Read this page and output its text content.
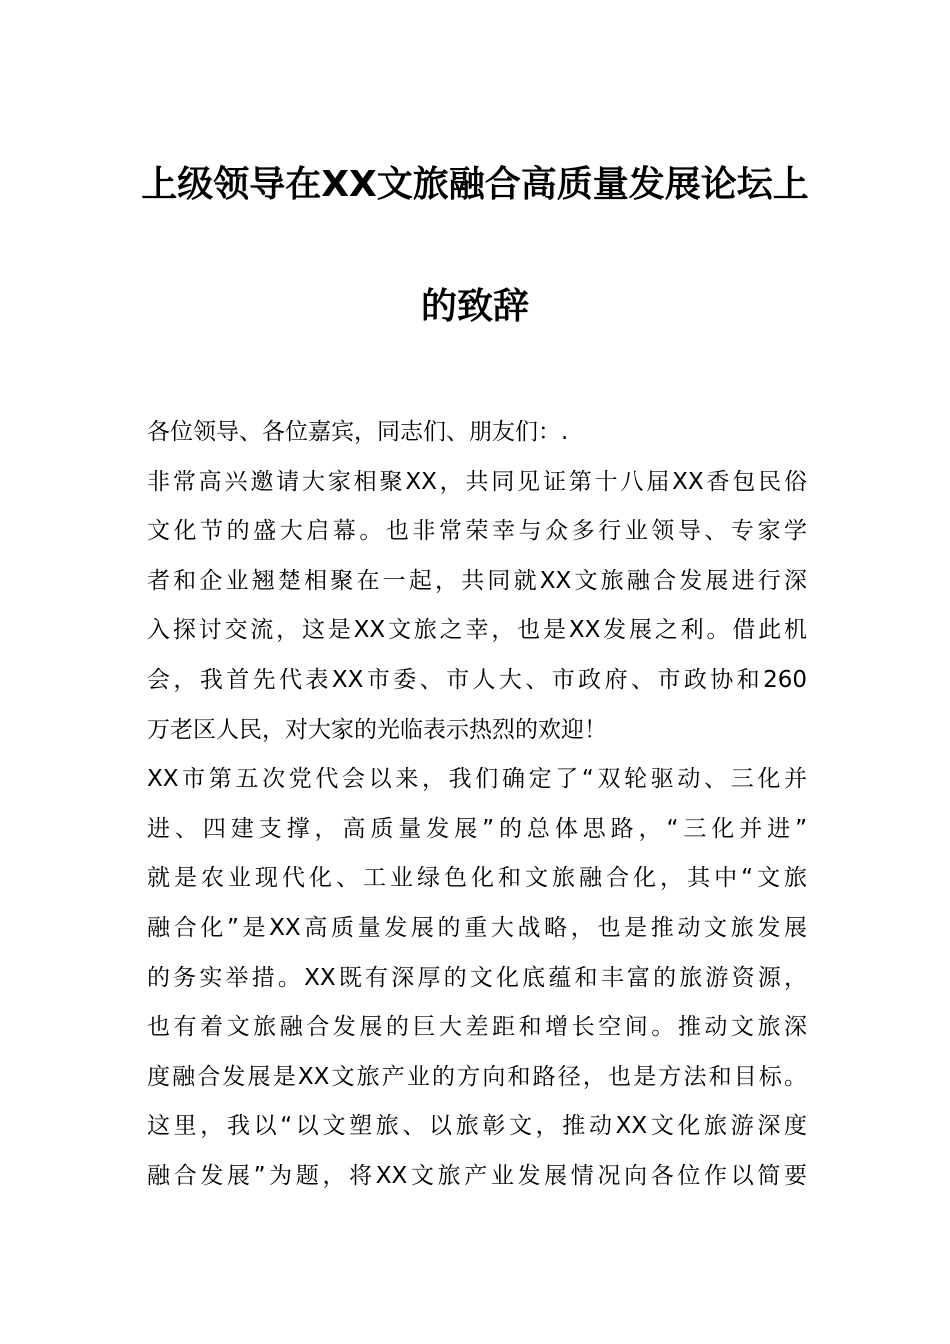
上级领导在XX文旅融合高质量发展论坛上
的致辞
各位领导、各位嘉宾，同志们、朋友们：.
非常高兴邀请大家相聚XX，共同见证第十八届XX香包民俗
文化节的盛大启幕。也非常荣幸与众多行业领导、专家学
者和企业翘楚相聚在一起，共同就XX文旅融合发展进行深
入探讨交流，这是XX文旅之幸，也是XX发展之利。借此机
会，我首先代表XX市委、市人大、市政府、市政协和260
万老区人民，对大家的光临表示热烈的欢迎！
XX市第五次党代会以来，我们确定了“双轮驱动、三化并
进、四建支撑，高质量发展”的总体思路，“三化并进”
就是农业现代化、工业绿色化和文旅融合化，其中“文旅
融合化”是XX高质量发展的重大战略，也是推动文旅发展
的务实举措。XX既有深厚的文化底蕴和丰富的旅游资源，
也有着文旅融合发展的巨大差距和增长空间。推动文旅深
度融合发展是XX文旅产业的方向和路径，也是方法和目标。
这里，我以“以文塑旅、以旅彰文，推动XX文化旅游深度
融合发展”为题，将XX文旅产业发展情况向各位作以简要
